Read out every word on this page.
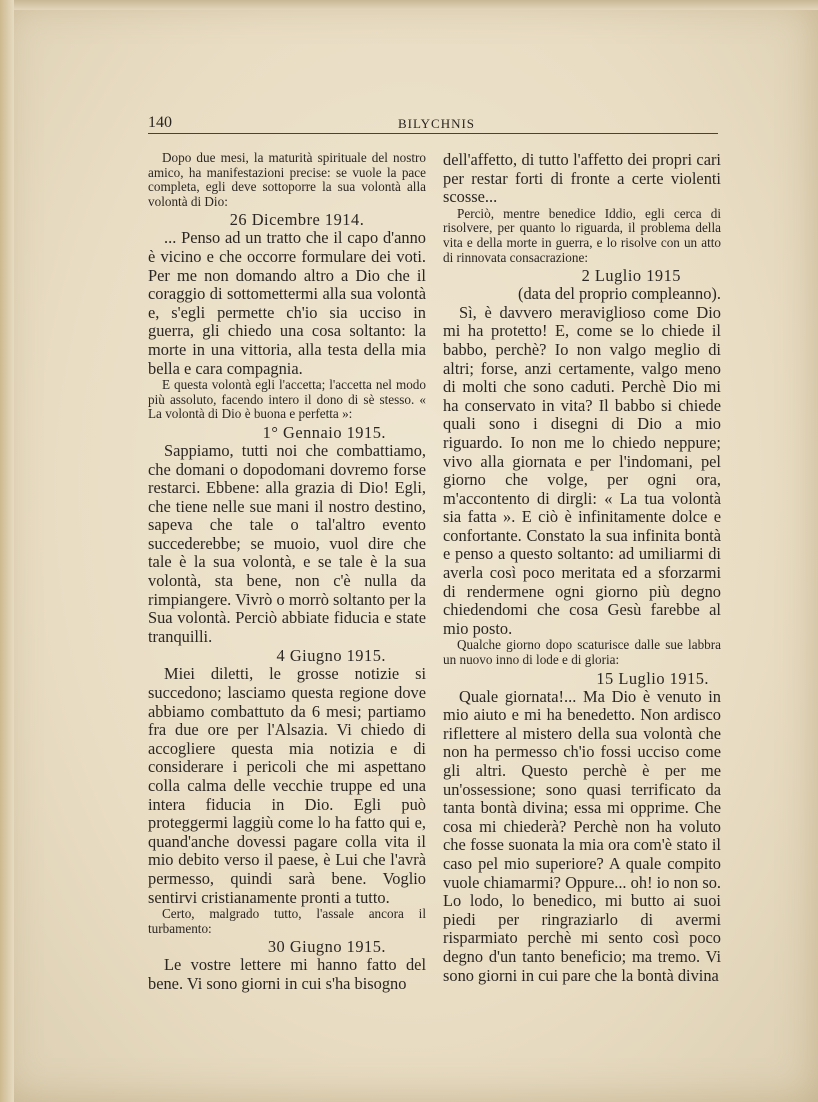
140	BILYCHNIS

Dopo due mesi, la maturità spirituale del nostro amico, ha manifestazioni precise: se vuole la pace completa, egli deve sottoporre la sua volontà alla volontà di Dio:

26 Dicembre 1914.

... Penso ad un tratto che il capo d'anno è vicino e che occorre formulare dei voti. Per me non domando altro a Dio che il coraggio di sottomettermi alla sua volontà e, s'egli permette ch'io sia ucciso in guerra, gli chiedo una cosa soltanto: la morte in una vittoria, alla testa della mia bella e cara compagnia.

E questa volontà egli l'accetta; l'accetta nel modo più assoluto, facendo intero il dono di sè stesso. « La volontà di Dio è buona e perfetta »:

1° Gennaio 1915.

Sappiamo, tutti noi che combattiamo, che domani o dopodomani dovremo forse restarci. Ebbene: alla grazia di Dio! Egli, che tiene nelle sue mani il nostro destino, sapeva che tale o tal'altro evento succederebbe; se muoio, vuol dire che tale è la sua volontà, e se tale è la sua volontà, sta bene, non c'è nulla da rimpiangere. Vivrò o morrò soltanto per la Sua volontà. Perciò abbiate fiducia e state tranquilli.

4 Giugno 1915.

Miei diletti, le grosse notizie si succedono; lasciamo questa regione dove abbiamo combattuto da 6 mesi; partiamo fra due ore per l'Alsazia. Vi chiedo di accogliere questa mia notizia e di considerare i pericoli che mi aspettano colla calma delle vecchie truppe ed una intera fiducia in Dio. Egli può proteggermi laggiù come lo ha fatto qui e, quand'anche dovessi pagare colla vita il mio debito verso il paese, è Lui che l'avrà permesso, quindi sarà bene. Voglio sentirvi cristianamente pronti a tutto.

Certo, malgrado tutto, l'assale ancora il turbamento:

30 Giugno 1915.

Le vostre lettere mi hanno fatto del bene. Vi sono giorni in cui s'ha bisogno

dell'affetto, di tutto l'affetto dei propri cari per restar forti di fronte a certe violenti scosse...

Perciò, mentre benedice Iddio, egli cerca di risolvere, per quanto lo riguarda, il problema della vita e della morte in guerra, e lo risolve con un atto di rinnovata consacrazione:

2 Luglio 1915

(data del proprio compleanno).

Sì, è davvero meraviglioso come Dio mi ha protetto! E, come se lo chiede il babbo, perchè? Io non valgo meglio di altri; forse, anzi certamente, valgo meno di molti che sono caduti. Perchè Dio mi ha conservato in vita? Il babbo si chiede quali sono i disegni di Dio a mio riguardo. Io non me lo chiedo neppure; vivo alla giornata e per l'indomani, pel giorno che volge, per ogni ora, m'accontento di dirgli: « La tua volontà sia fatta ». E ciò è infinitamente dolce e confortante. Constato la sua infinita bontà e penso a questo soltanto: ad umiliarmi di averla così poco meritata ed a sforzarmi di rendermene ogni giorno più degno chiedendomi che cosa Gesù farebbe al mio posto.

Qualche giorno dopo scaturisce dalle sue labbra un nuovo inno di lode e di gloria:

15 Luglio 1915.

Quale giornata!... Ma Dio è venuto in mio aiuto e mi ha benedetto. Non ardisco riflettere al mistero della sua volontà che non ha permesso ch'io fossi ucciso come gli altri. Questo perchè è per me un'ossessione; sono quasi terrificato da tanta bontà divina; essa mi opprime. Che cosa mi chiederà? Perchè non ha voluto che fosse suonata la mia ora com'è stato il caso pel mio superiore? A quale compito vuole chiamarmi? Oppure... oh! io non so. Lo lodo, lo benedico, mi butto ai suoi piedi per ringraziarlo di avermi risparmiato perchè mi sento così poco degno d'un tanto beneficio; ma tremo. Vi sono giorni in cui pare che la bontà divina
